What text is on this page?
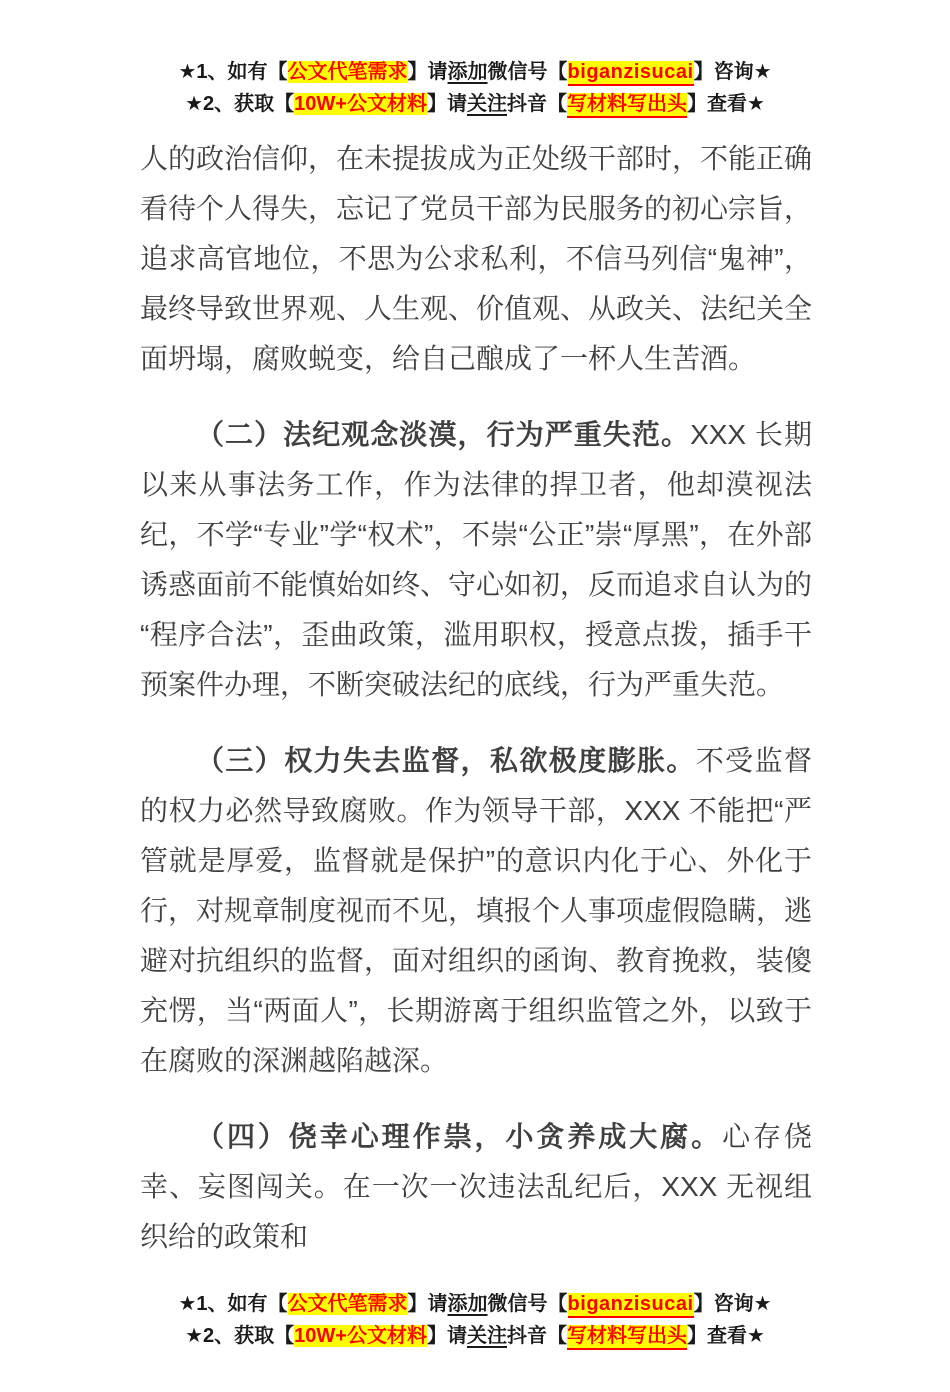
★1、如有【公文代笔需求】请添加微信号【biganzisucai】咨询★
★2、获取【10W+公文材料】请关注抖音【写材料写出头】查看★

人的政治信仰，在未提拔成为正处级干部时，不能正确看待个人得失，忘记了党员干部为民服务的初心宗旨，追求高官地位，不思为公求私利，不信马列信“鬼神”，最终导致世界观、人生观、价值观、从政关、法纪关全面坍塌，腐败蜕变，给自己酿成了一杯人生苦酒。

（二）法纪观念淡漠，行为严重失范。XXX 长期以来从事法务工作，作为法律的捍卫者，他却漠视法纪，不学“专业”学“权术”，不崇“公正”崇“厚黑”，在外部诱惑面前不能慎始如终、守心如初，反而追求自认为的“程序合法”，歪曲政策，滥用职权，授意点拨，插手干预案件办理，不断突破法纪的底线，行为严重失范。

（三）权力失去监督，私欲极度膨胀。不受监督的权力必然导致腐败。作为领导干部，XXX 不能把“严管就是厚爱，监督就是保护”的意识内化于心、外化于行，对规章制度视而不见，填报个人事项虚假隐瞒，逃避对抗组织的监督，面对组织的函询、教育挽救，装傻充愣，当“两面人”，长期游离于组织监管之外，以致于在腐败的深渊越陷越深。

（四）侥幸心理作祟，小贪养成大腐。心存侥幸、妄图闯关。在一次一次违法乱纪后，XXX 无视组织给的政策和

★1、如有【公文代笔需求】请添加微信号【biganzisucai】咨询★
★2、获取【10W+公文材料】请关注抖音【写材料写出头】查看★
